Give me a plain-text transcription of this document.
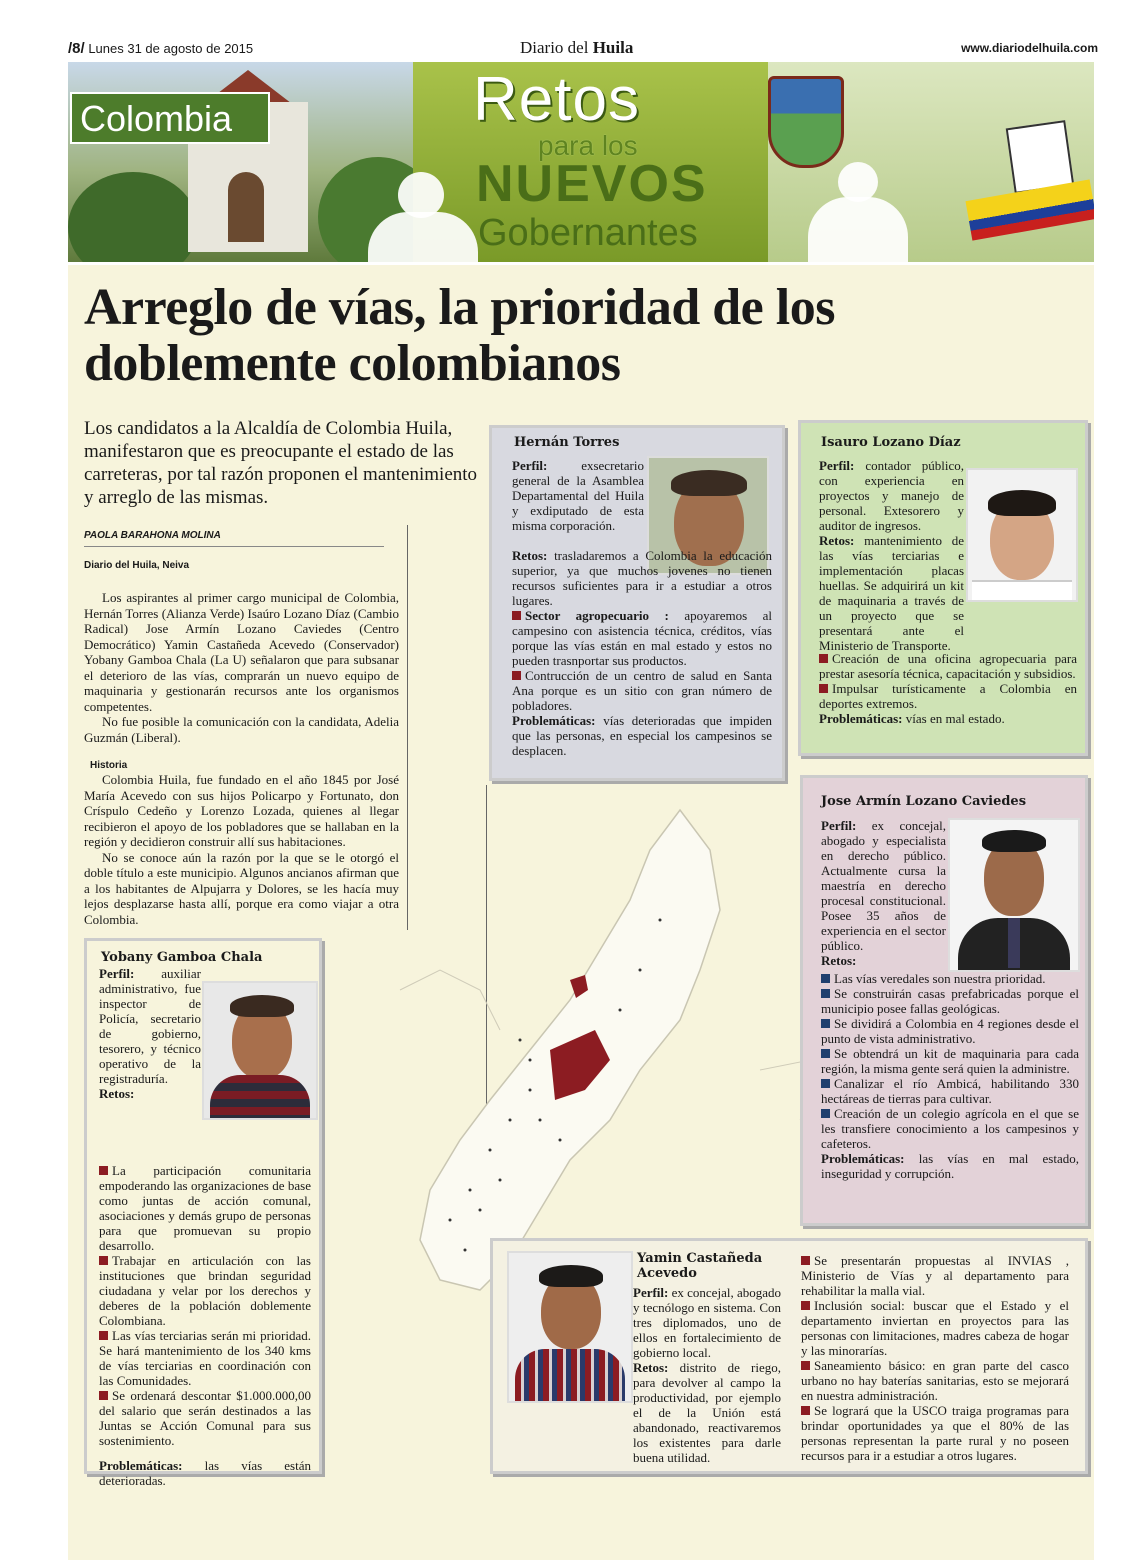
/8/ Lunes 31 de agosto de 2015	Diario del Huila	www.diariodelhuila.com
Colombia	Retos
para los
NUEVOS
Gobernantes
Arreglo de vías, la prioridad de los doblemente colombianos
Los candidatos a la Alcaldía de Colombia Huila, manifestaron que es preocupante el estado de las carreteras, por tal razón proponen el mantenimiento y arreglo de las mismas.
PAOLA BARAHONA MOLINA
Diario del Huila, Neiva

Los aspirantes al primer cargo municipal de Colombia, Hernán Torres (Alianza Verde) Isaúro Lozano Díaz (Cambio Radical) Jose Armín Lozano Caviedes (Centro Democrático) Yamin Castañeda Acevedo (Conservador) Yobany Gamboa Chala (La U) señalaron que para subsanar el deterioro de las vías, comprarán un nuevo equipo de maquinaria y gestionarán recursos ante los organismos competentes.

No fue posible la comunicación con la candidata, Adelia Guzmán (Liberal).

Historia

Colombia Huila, fue fundado en el año 1845 por José María Acevedo con sus hijos Policarpo y Fortunato, don Críspulo Cedeño y Lorenzo Lozada, quienes al llegar recibieron el apoyo de los pobladores que se hallaban en la región y decidieron construir allí sus habitaciones.

No se conoce aún la razón por la que se le otorgó el doble título a este municipio. Algunos ancianos afirman que a los habitantes de Alpujarra y Dolores, se les hacía muy lejos desplazarse hasta allí, porque era como viajar a otra Colombia.

Hernán Torres

Perfil:	exsecretario general de la Asamblea Departamental del Huila y exdiputado de esta misma corporación.

Retos: trasladaremos a Colombia la educación superior, ya que muchos jovenes no tienen recursos suficientes para ir a estudiar a otros lugares.

Sector agropecuario : apoyaremos al campesino con asistencia técnica, créditos, vías porque las vías están en mal estado y estos no pueden trasnportar sus productos.

Contrucción de un centro de salud en Santa Ana porque es un sitio con gran número de pobladores.

Problemáticas: vías deterioradas que impiden que las personas, en especial los campesinos se desplacen.

Isauro Lozano Díaz

Perfil: contador público, con experiencia en proyectos y manejo de personal. Extesorero y auditor de ingresos.

Retos: mantenimiento de las vías terciarias e implementación placas huellas. Se adquirirá un kit de maquinaria a través de un proyecto que se presentará ante el Ministerio de Transporte.

Creación de una oficina agropecuaria para prestar asesoría técnica, capacitación y subsidios.

Impulsar turísticamente a Colombia en deportes extremos.

Problemáticas: vías en mal estado.

Jose Armín Lozano Caviedes

Perfil: ex concejal, abogado y especialista en derecho público. Actualmente cursa la maestría en derecho procesal constitucional. Posee 35 años de experiencia en el sector público.

Retos:

Las vías veredales son nuestra prioridad.

Se construirán casas prefabricadas porque el municipio posee fallas geológicas.

Se dividirá a Colombia en 4 regiones desde el punto de vista administrativo.

Se obtendrá un kit de maquinaria para cada región, la misma gente será quien la administre.

Canalizar el río Ambicá, habilitando 330 hectáreas de tierras para cultivar.

Creación de un colegio agrícola en el que se les transfiere conocimiento a los campesinos y cafeteros.

Problemáticas: las vías en mal estado, inseguridad y corrupción.

Yobany Gamboa Chala

Perfil: auxiliar administrativo, fue inspector de Policía, secretario de gobierno, tesorero, y técnico operativo de la registraduría.

Retos:

La participación comunitaria empoderando las organizaciones de base como juntas de acción comunal, asociaciones y demás grupo de personas para que promuevan su propio desarrollo.

Trabajar en articulación con las instituciones que brindan seguridad ciudadana y velar por los derechos y deberes de la población doblemente Colombiana.

Las vías terciarias serán mi prioridad. Se hará mantenimiento de los 340 kms de vías terciarias en coordinación con las Comunidades.

Se ordenará descontar $1.000.000,00 del salario que serán destinados a las Juntas se Acción Comunal para sus sostenimiento.

Problemáticas: las vías están deterioradas.

Yamin Castañeda Acevedo

Perfil: ex concejal, abogado y tecnólogo en sistema. Con tres diplomados, uno de ellos en fortalecimiento de gobierno local.

Retos: distrito de riego, para devolver al campo la productividad, por ejemplo el de la Unión está abandonado, reactivaremos los existentes para darle buena utilidad.

Se presentarán propuestas al INVIAS , Ministerio de Vías y al departamento para rehabilitar la malla vial.

Inclusión social: buscar que el Estado y el departamento inviertan en proyectos para las personas con limitaciones, madres cabeza de hogar y las minorarías.

Saneamiento básico: en gran parte del casco urbano no hay baterías sanitarias, esto se mejorará en nuestra administración.

Se logrará que la USCO traiga programas para brindar oportunidades ya que el 80% de las personas representan la parte rural y no poseen recursos para ir a estudiar a otros lugares.
